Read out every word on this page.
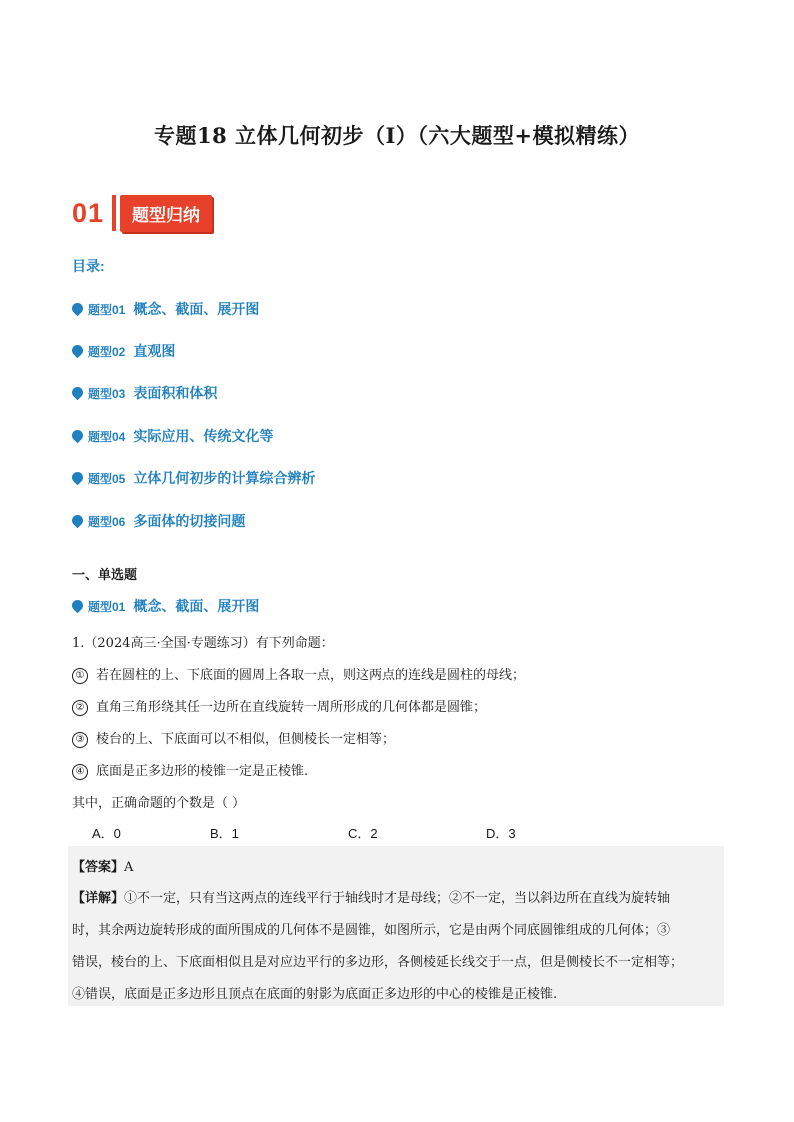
专题18 立体几何初步（Ⅰ）（六大题型+模拟精练）
01	题型归纳
目录:
题型01 概念、截面、展开图
题型02 直观图
题型03 表面积和体积
题型04 实际应用、传统文化等
题型05 立体几何初步的计算综合辨析
题型06 多面体的切接问题
一、单选题
题型01 概念、截面、展开图
1.（2024高三·全国·专题练习）有下列命题：
① 若在圆柱的上、下底面的圆周上各取一点，则这两点的连线是圆柱的母线；
② 直角三角形绕其任一边所在直线旋转一周所形成的几何体都是圆锥；
③ 棱台的上、下底面可以不相似，但侧棱长一定相等；
④ 底面是正多边形的棱锥一定是正棱锥.
其中，正确命题的个数是（ ）
A．0	B．1	C．2	D．3
【答案】A
【详解】①不一定，只有当这两点的连线平行于轴线时才是母线；②不一定，当以斜边所在直线为旋转轴
时，其余两边旋转形成的面所围成的几何体不是圆锥，如图所示，它是由两个同底圆锥组成的几何体；③
错误，棱台的上、下底面相似且是对应边平行的多边形，各侧棱延长线交于一点，但是侧棱长不一定相等；
④错误，底面是正多边形且顶点在底面的射影为底面正多边形的中心的棱锥是正棱锥.
